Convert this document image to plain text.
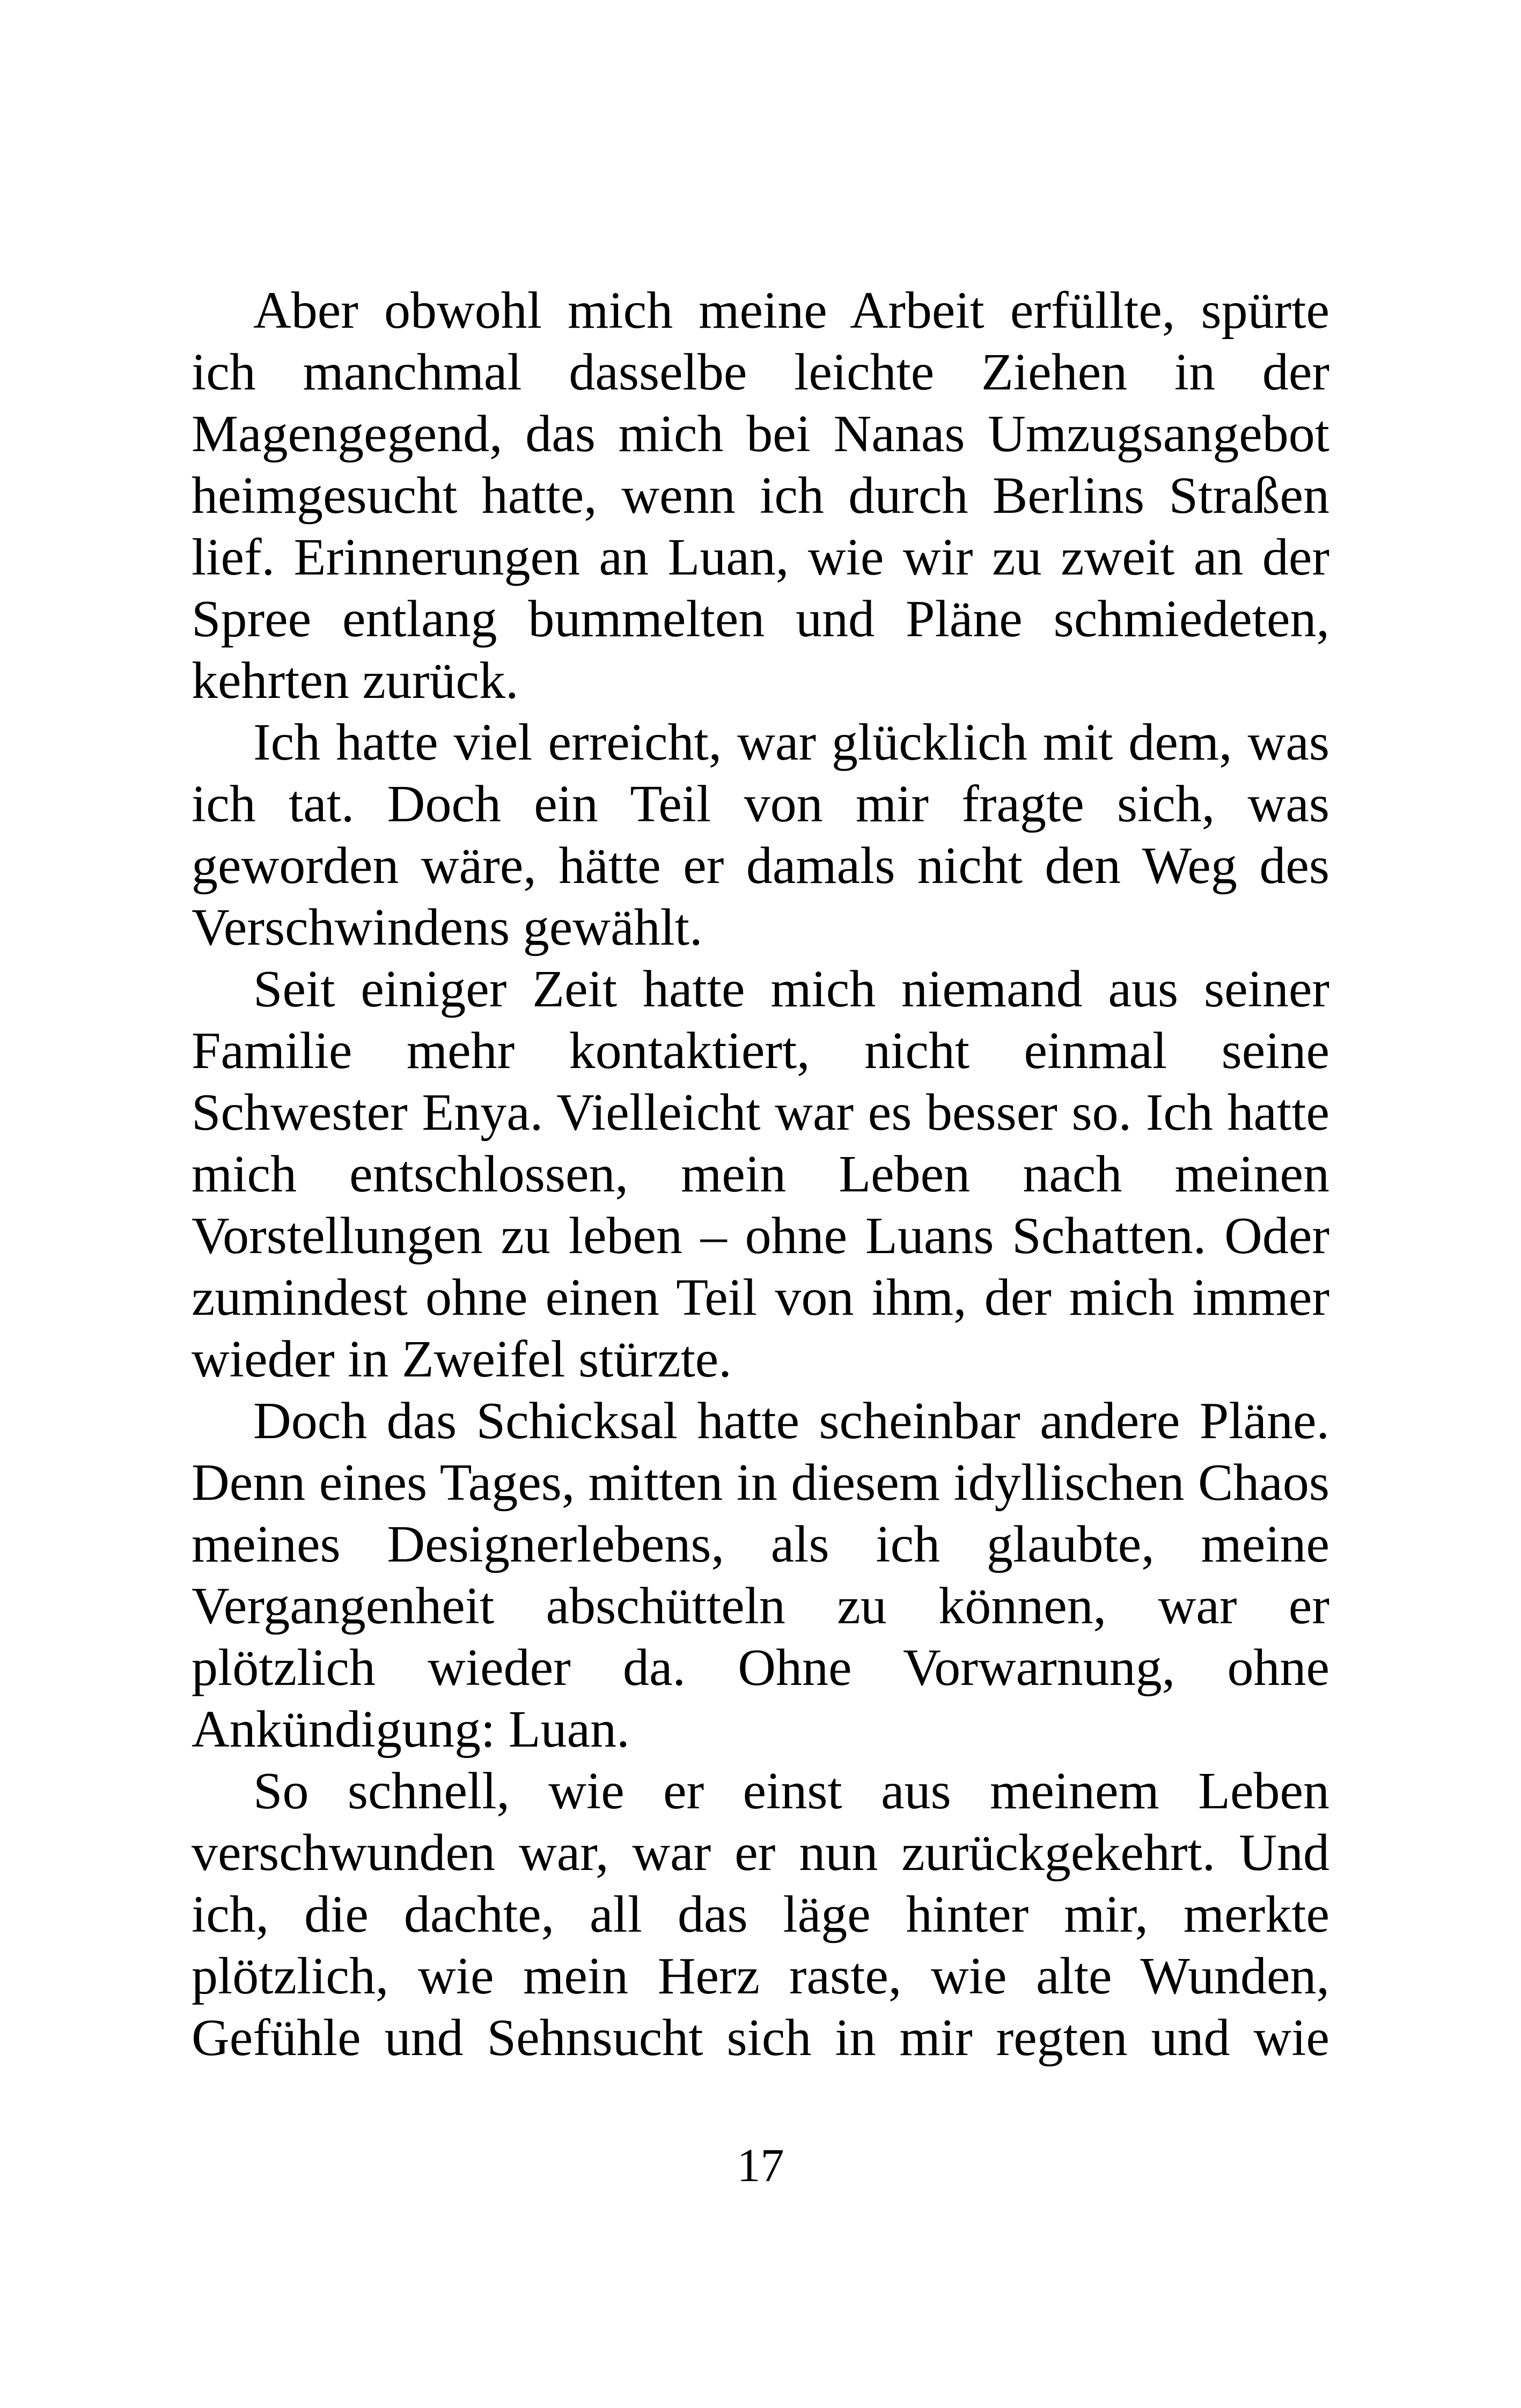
Aber obwohl mich meine Arbeit erfüllte, spürte
ich manchmal dasselbe leichte Ziehen in der
Magengegend, das mich bei Nanas Umzugsangebot
heimgesucht hatte, wenn ich durch Berlins Straßen
lief. Erinnerungen an Luan, wie wir zu zweit an der
Spree entlang bummelten und Pläne schmiedeten,
kehrten zurück.
Ich hatte viel erreicht, war glücklich mit dem, was
ich tat. Doch ein Teil von mir fragte sich, was
geworden wäre, hätte er damals nicht den Weg des
Verschwindens gewählt.
Seit einiger Zeit hatte mich niemand aus seiner
Familie mehr kontaktiert, nicht einmal seine
Schwester Enya. Vielleicht war es besser so. Ich hatte
mich entschlossen, mein Leben nach meinen
Vorstellungen zu leben – ohne Luans Schatten. Oder
zumindest ohne einen Teil von ihm, der mich immer
wieder in Zweifel stürzte.
Doch das Schicksal hatte scheinbar andere Pläne.
Denn eines Tages, mitten in diesem idyllischen Chaos
meines Designerlebens, als ich glaubte, meine
Vergangenheit abschütteln zu können, war er
plötzlich wieder da. Ohne Vorwarnung, ohne
Ankündigung: Luan.
So schnell, wie er einst aus meinem Leben
verschwunden war, war er nun zurückgekehrt. Und
ich, die dachte, all das läge hinter mir, merkte
plötzlich, wie mein Herz raste, wie alte Wunden,
Gefühle und Sehnsucht sich in mir regten und wie
17
